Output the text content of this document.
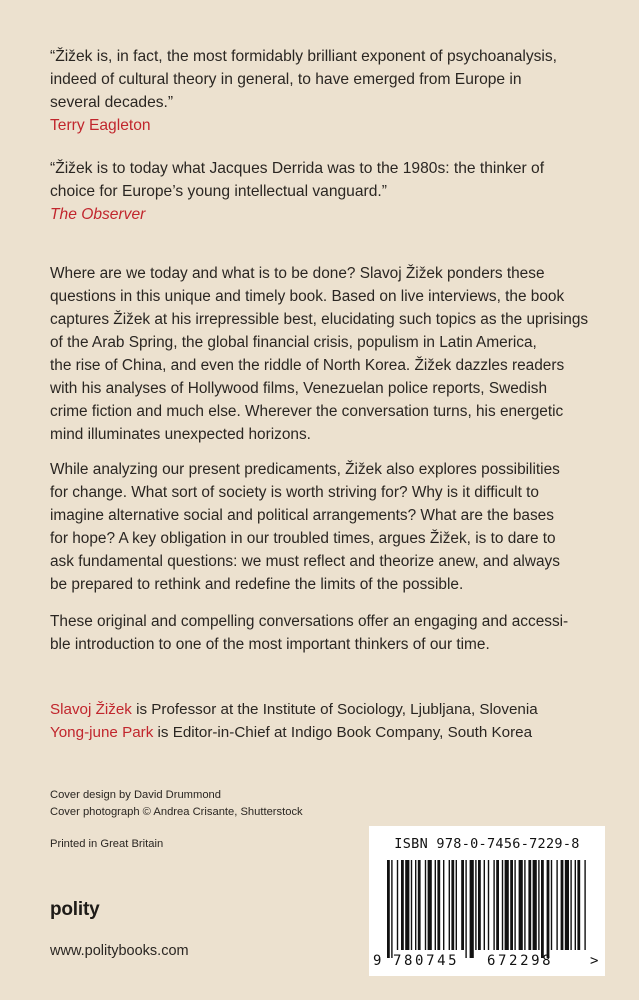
“Žižek is, in fact, the most formidably brilliant exponent of psychoanalysis,

indeed of cultural theory in general, to have emerged from Europe in

several decades.”

Terry Eagleton

“Žižek is to today what Jacques Derrida was to the 1980s: the thinker of

choice for Europe’s young intellectual vanguard.”

The Observer

Where are we today and what is to be done? Slavoj Žižek ponders these

questions in this unique and timely book. Based on live interviews, the book

captures Žižek at his irrepressible best, elucidating such topics as the uprisings

of the Arab Spring, the global financial crisis, populism in Latin America,

the rise of China, and even the riddle of North Korea. Žižek dazzles readers

with his analyses of Hollywood films, Venezuelan police reports, Swedish

crime fiction and much else. Wherever the conversation turns, his energetic

mind illuminates unexpected horizons.

While analyzing our present predicaments, Žižek also explores possibilities

for change. What sort of society is worth striving for? Why is it difficult to

imagine alternative social and political arrangements? What are the bases

for hope? A key obligation in our troubled times, argues Žižek, is to dare to

ask fundamental questions: we must reflect and theorize anew, and always

be prepared to rethink and redefine the limits of the possible.

These original and compelling conversations offer an engaging and accessi-

ble introduction to one of the most important thinkers of our time.

Slavoj Žižek is Professor at the Institute of Sociology, Ljubljana, Slovenia

Yong-june Park is Editor-in-Chief at Indigo Book Company, South Korea

Cover design by David Drummond

Cover photograph © Andrea Crisante, Shutterstock

Printed in Great Britain

polity
www.politybooks.com
ISBN 978-0-7456-7229-8
9 780745 672298	>
